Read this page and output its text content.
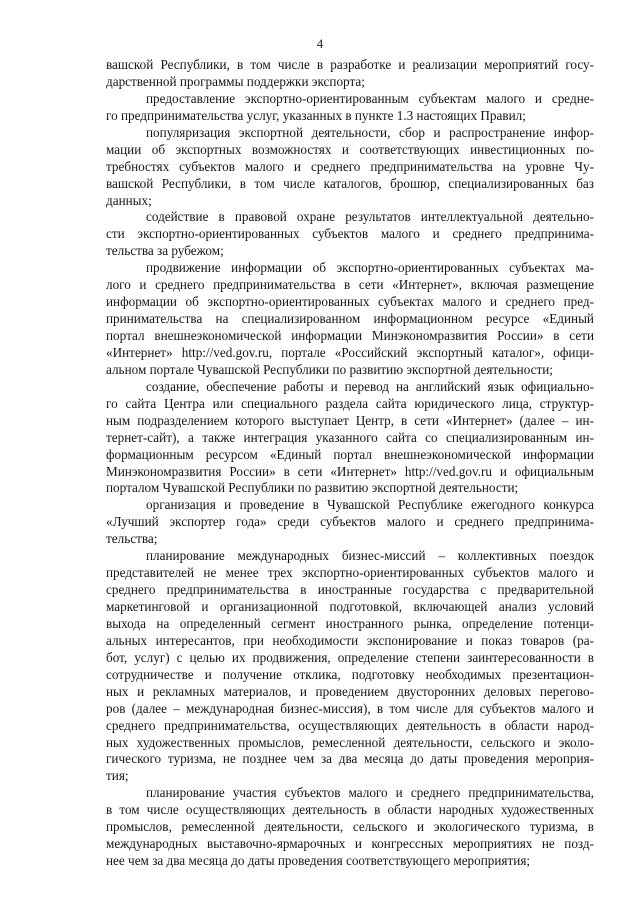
4
вашской Республики, в том числе в разработке и реализации мероприятий госу-
дарственной программы поддержки экспорта;
предоставление экспортно-ориентированным субъектам малого и средне-
го предпринимательства услуг, указанных в пункте 1.3 настоящих Правил;
популяризация экспортной деятельности, сбор и распространение инфор-
мации об экспортных возможностях и соответствующих инвестиционных по-
требностях субъектов малого и среднего предпринимательства на уровне Чу-
вашской Республики, в том числе каталогов, брошюр, специализированных баз
данных;
содействие в правовой охране результатов интеллектуальной деятельно-
сти экспортно-ориентированных субъектов малого и среднего предпринима-
тельства за рубежом;
продвижение информации об экспортно-ориентированных субъектах ма-
лого и среднего предпринимательства в сети «Интернет», включая размещение
информации об экспортно-ориентированных субъектах малого и среднего пред-
принимательства на специализированном информационном ресурсе «Единый
портал внешнеэкономической информации Минэкономразвития России» в сети
«Интернет» http://ved.gov.ru, портале «Российский экспортный каталог», офици-
альном портале Чувашской Республики по развитию экспортной деятельности;
создание, обеспечение работы и перевод на английский язык официально-
го сайта Центра или специального раздела сайта юридического лица, структур-
ным подразделением которого выступает Центр, в сети «Интернет» (далее – ин-
тернет-сайт), а также интеграция указанного сайта со специализированным ин-
формационным ресурсом «Единый портал внешнеэкономической информации
Минэкономразвития России» в сети «Интернет» http://ved.gov.ru и официальным
порталом Чувашской Республики по развитию экспортной деятельности;
организация и проведение в Чувашской Республике ежегодного конкурса
«Лучший экспортер года» среди субъектов малого и среднего предпринима-
тельства;
планирование международных бизнес-миссий – коллективных поездок
представителей не менее трех экспортно-ориентированных субъектов малого и
среднего предпринимательства в иностранные государства с предварительной
маркетинговой и организационной подготовкой, включающей анализ условий
выхода на определенный сегмент иностранного рынка, определение потенци-
альных интересантов, при необходимости экспонирование и показ товаров (ра-
бот, услуг) с целью их продвижения, определение степени заинтересованности в
сотрудничестве и получение отклика, подготовку необходимых презентацион-
ных и рекламных материалов, и проведением двусторонних деловых перегово-
ров (далее – международная бизнес-миссия), в том числе для субъектов малого и
среднего предпринимательства, осуществляющих деятельность в области народ-
ных художественных промыслов, ремесленной деятельности, сельского и эколо-
гического туризма, не позднее чем за два месяца до даты проведения мероприя-
тия;
планирование участия субъектов малого и среднего предпринимательства,
в том числе осуществляющих деятельность в области народных художественных
промыслов, ремесленной деятельности, сельского и экологического туризма, в
международных выставочно-ярмарочных и конгрессных мероприятиях не позд-
нее чем за два месяца до даты проведения соответствующего мероприятия;
